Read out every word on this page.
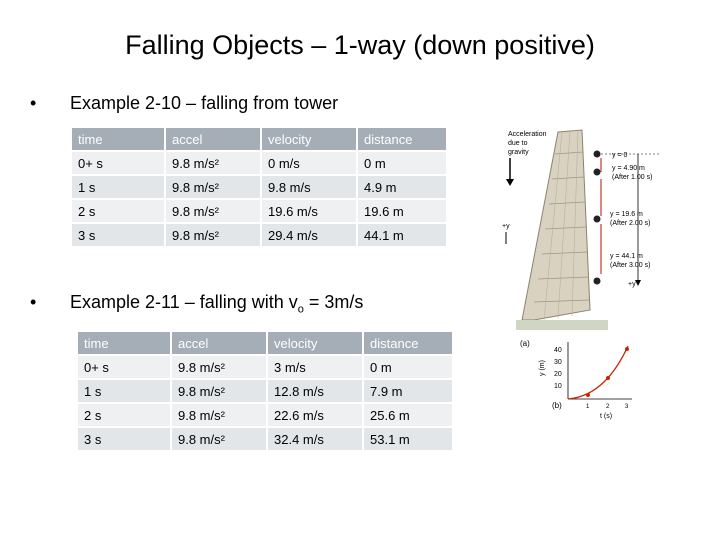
Falling Objects – 1-way (down positive)
• Example 2-10 – falling from tower
time	accel	velocity	distance
0+ s	9.8 m/s²	0 m/s	0 m
1 s	9.8 m/s²	9.8 m/s	4.9 m
2 s	9.8 m/s²	19.6 m/s	19.6 m
3 s	9.8 m/s²	29.4 m/s	44.1 m
• Example 2-11 – falling with $v_o = 3m/s$
time	accel	velocity	distance
0+ s	9.8 m/s²	3 m/s	0 m
1 s	9.8 m/s²	12.8 m/s	7.9 m
2 s	9.8 m/s²	22.6 m/s	25.6 m
3 s	9.8 m/s²	32.4 m/s	53.1 m
Acceleration
due to
gravity	y = 0
y = 4.90 m
(After 1.00 s)
y = 19.6 m
(After 2.00 s)
+y
y = 44.1 m
(After 3.00 s)
+y
(a)
40
30
20
10
y (m)
1	2	3
t (s)
(b)
